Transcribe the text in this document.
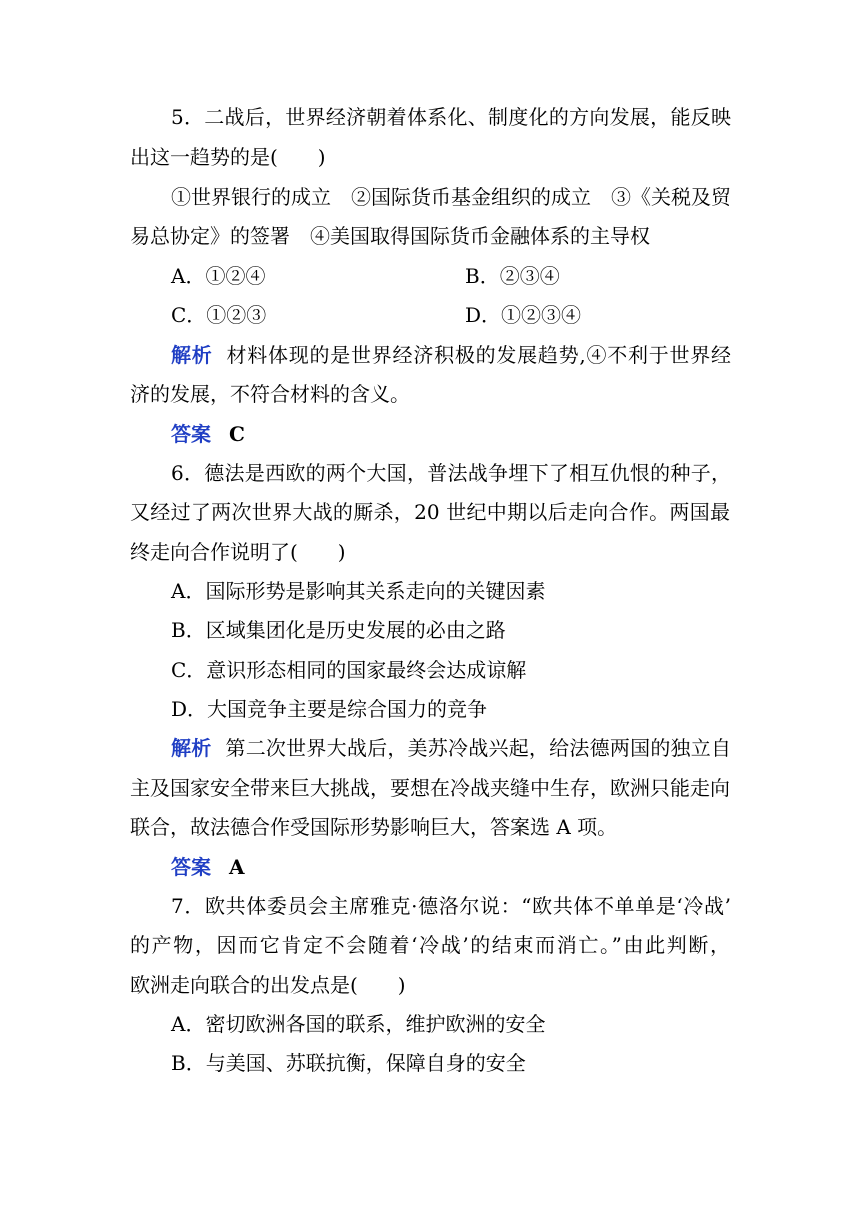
5．二战后，世界经济朝着体系化、制度化的方向发展，能反映
出这一趋势的是(　　)
①世界银行的成立　②国际货币基金组织的成立　③《关税及贸
易总协定》的签署　④美国取得国际货币金融体系的主导权
A．①②④	B．②③④
C．①②③	D．①②③④
解析 材料体现的是世界经济积极的发展趋势,④不利于世界经
济的发展，不符合材料的含义。
答案 C
6．德法是西欧的两个大国，普法战争埋下了相互仇恨的种子，
又经过了两次世界大战的厮杀，20 世纪中期以后走向合作。两国最
终走向合作说明了(　　)
A．国际形势是影响其关系走向的关键因素
B．区域集团化是历史发展的必由之路
C．意识形态相同的国家最终会达成谅解
D．大国竞争主要是综合国力的竞争
解析 第二次世界大战后，美苏冷战兴起，给法德两国的独立自
主及国家安全带来巨大挑战，要想在冷战夹缝中生存，欧洲只能走向
联合，故法德合作受国际形势影响巨大，答案选 A 项。
答案 A
7．欧共体委员会主席雅克·德洛尔说：“欧共体不单单是‘冷战’
的产物，因而它肯定不会随着‘冷战’的结束而消亡。”由此判断，
欧洲走向联合的出发点是(　　)
A．密切欧洲各国的联系，维护欧洲的安全
B．与美国、苏联抗衡，保障自身的安全
